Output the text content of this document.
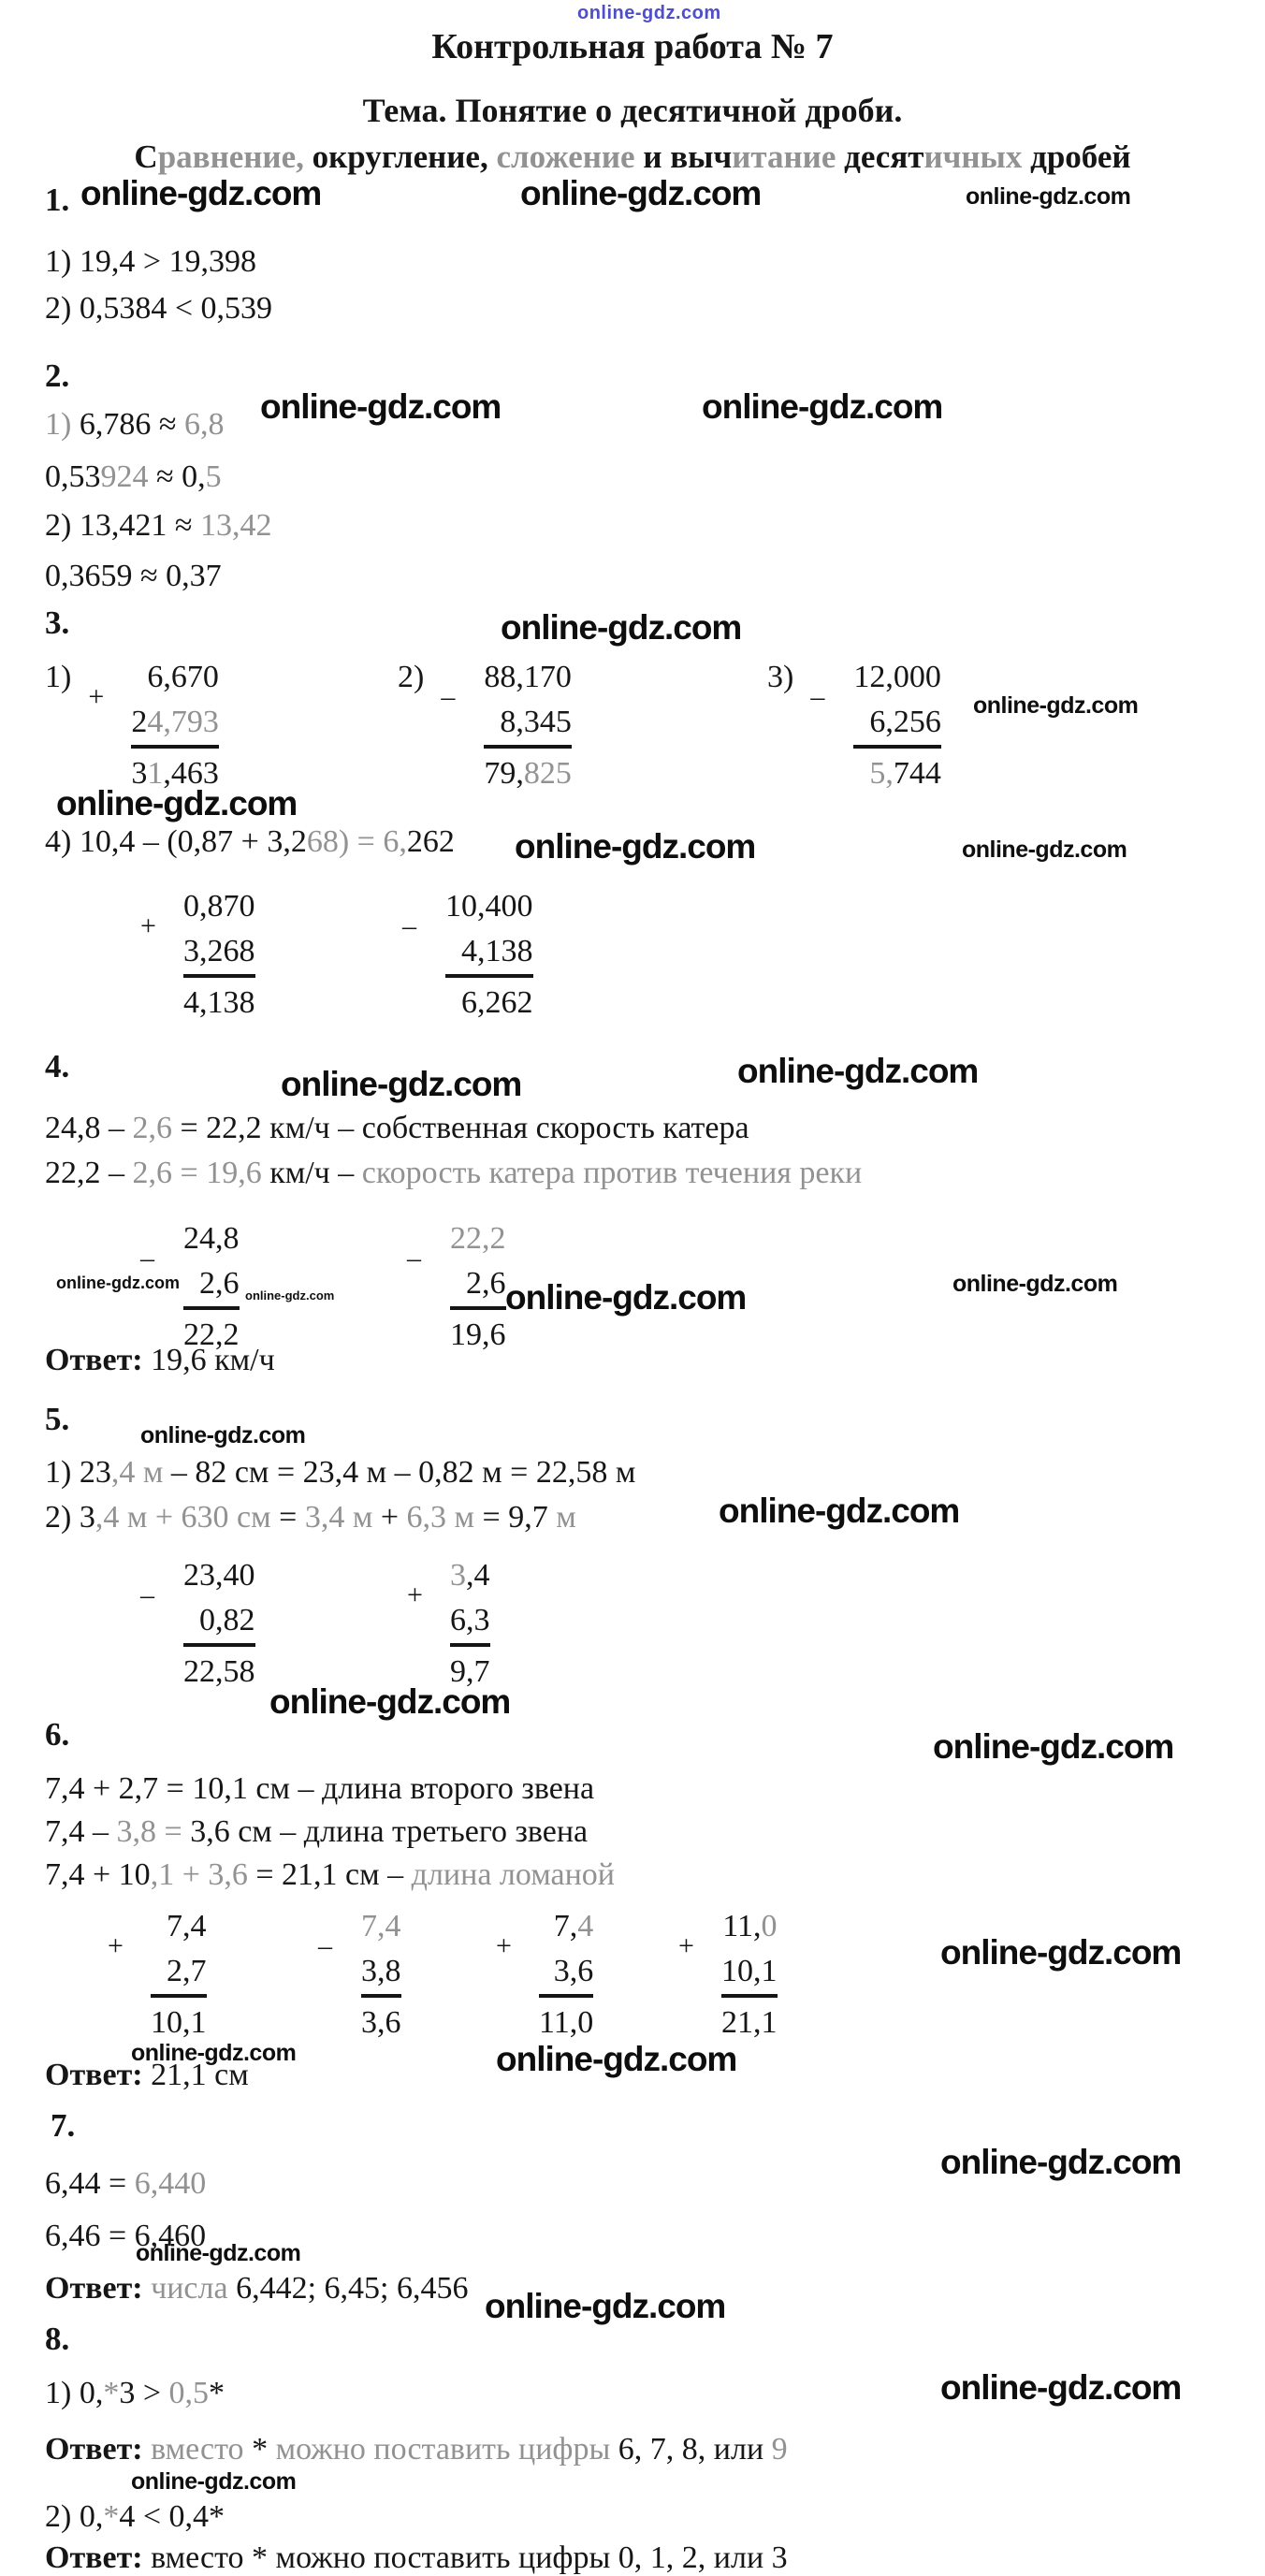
online-gdz.com
online-gdz.com	online-gdz.com	online-gdz.com
online-gdz.com	online-gdz.com
online-gdz.com
online-gdz.com
online-gdz.com
online-gdz.com	online-gdz.com
online-gdz.com	online-gdz.com
online-gdz.com
online-gdz.com	online-gdz.com	online-gdz.com
online-gdz.com
online-gdz.com
online-gdz.com
online-gdz.com
online-gdz.com
online-gdz.com	online-gdz.com
online-gdz.com
online-gdz.com
online-gdz.com
online-gdz.com
online-gdz.com
Контрольная работа № 7
Тема. Понятие о десятичной дроби.
Сравнение, округление, сложение и вычитание десятичных дробей
1.
1) 19,4 > 19,398
2) 0,5384 < 0,539
2.
1) 6,786 ≈ 6,8
0,53924 ≈ 0,5
2) 13,421 ≈ 13,42
0,3659 ≈ 0,37
3.
1)
+
6,670
24,793
31,463
2)
–
88,170
8,345
79,825
3)
–
12,000
6,256
5,744
4) 10,4 – (0,87 + 3,268) = 6,262
+
0,870
3,268
4,138
–
10,400
4,138
6,262
4.
24,8 – 2,6 = 22,2 км/ч – собственная скорость катера
22,2 – 2,6 = 19,6 км/ч – скорость катера против течения реки
–
24,8
2,6
22,2
–
22,2
2,6
19,6
Ответ: 19,6 км/ч
5.
1) 23,4 м – 82 см = 23,4 м – 0,82 м = 22,58 м
2) 3,4 м + 630 см = 3,4 м + 6,3 м = 9,7 м
–
23,40
0,82
22,58
+
3,4
6,3
9,7
6.
7,4 + 2,7 = 10,1 см – длина второго звена
7,4 – 3,8 = 3,6 см – длина третьего звена
7,4 + 10,1 + 3,6 = 21,1 см – длина ломаной
+
7,4
2,7
10,1
–
7,4
3,8
3,6
+
7,4
3,6
11,0
+
11,0
10,1
21,1
Ответ: 21,1 см
7.
6,44 = 6,440
6,46 = 6,460
Ответ: числа 6,442; 6,45; 6,456
8.
1) 0,*3 > 0,5*
Ответ: вместо * можно поставить цифры 6, 7, 8, или 9
2) 0,*4 < 0,4*
Ответ: вместо * можно поставить цифры 0, 1, 2, или 3
